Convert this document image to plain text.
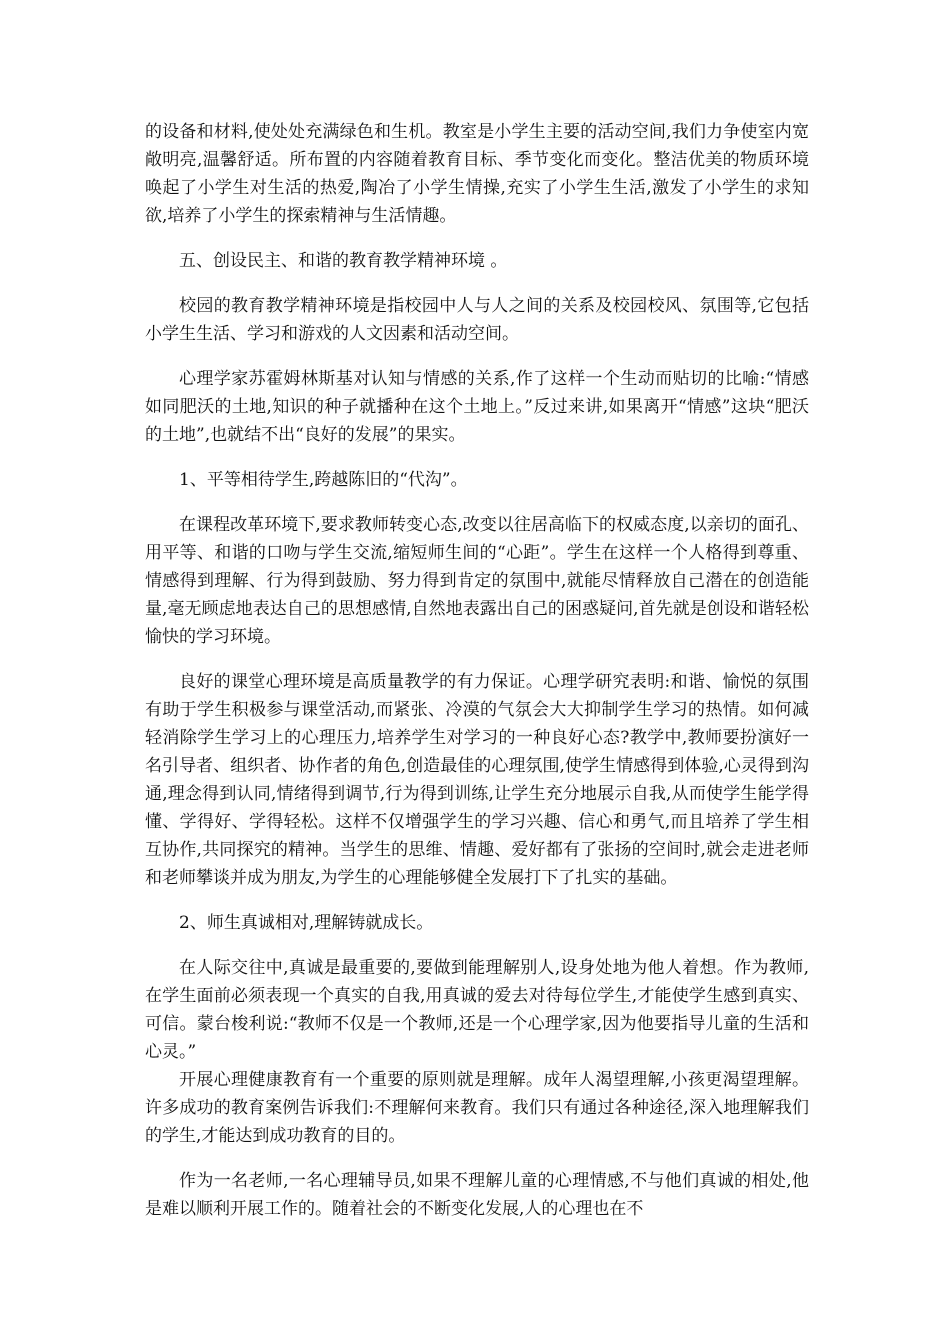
的设备和材料,使处处充满绿色和生机。教室是小学生主要的活动空间,我们力争使室内宽敞明亮,温馨舒适。所布置的内容随着教育目标、季节变化而变化。整洁优美的物质环境唤起了小学生对生活的热爱,陶冶了小学生情操,充实了小学生生活,激发了小学生的求知欲,培养了小学生的探索精神与生活情趣。

五、创设民主、和谐的教育教学精神环境 。

校园的教育教学精神环境是指校园中人与人之间的关系及校园校风、氛围等,它包括小学生生活、学习和游戏的人文因素和活动空间。

心理学家苏霍姆林斯基对认知与情感的关系,作了这样一个生动而贴切的比喻:“情感如同肥沃的土地,知识的种子就播种在这个土地上。”反过来讲,如果离开“情感”这块“肥沃的土地”,也就结不出“良好的发展”的果实。

1、平等相待学生,跨越陈旧的“代沟”。

在课程改革环境下,要求教师转变心态,改变以往居高临下的权威态度,以亲切的面孔、用平等、和谐的口吻与学生交流,缩短师生间的“心距”。学生在这样一个人格得到尊重、情感得到理解、行为得到鼓励、努力得到肯定的氛围中,就能尽情释放自己潜在的创造能量,毫无顾虑地表达自己的思想感情,自然地表露出自己的困惑疑问,首先就是创设和谐轻松愉快的学习环境。

良好的课堂心理环境是高质量教学的有力保证。心理学研究表明:和谐、愉悦的氛围有助于学生积极参与课堂活动,而紧张、冷漠的气氛会大大抑制学生学习的热情。如何减轻消除学生学习上的心理压力,培养学生对学习的一种良好心态?教学中,教师要扮演好一名引导者、组织者、协作者的角色,创造最佳的心理氛围,使学生情感得到体验,心灵得到沟通,理念得到认同,情绪得到调节,行为得到训练,让学生充分地展示自我,从而使学生能学得懂、学得好、学得轻松。这样不仅增强学生的学习兴趣、信心和勇气,而且培养了学生相互协作,共同探究的精神。当学生的思维、情趣、爱好都有了张扬的空间时,就会走进老师和老师攀谈并成为朋友,为学生的心理能够健全发展打下了扎实的基础。

2、师生真诚相对,理解铸就成长。

在人际交往中,真诚是最重要的,要做到能理解别人,设身处地为他人着想。作为教师,在学生面前必须表现一个真实的自我,用真诚的爱去对待每位学生,才能使学生感到真实、可信。蒙台梭利说:“教师不仅是一个教师,还是一个心理学家,因为他要指导儿童的生活和心灵。”

开展心理健康教育有一个重要的原则就是理解。成年人渴望理解,小孩更渴望理解。许多成功的教育案例告诉我们:不理解何来教育。我们只有通过各种途径,深入地理解我们的学生,才能达到成功教育的目的。

作为一名老师,一名心理辅导员,如果不理解儿童的心理情感,不与他们真诚的相处,他是难以顺利开展工作的。随着社会的不断变化发展,人的心理也在不
